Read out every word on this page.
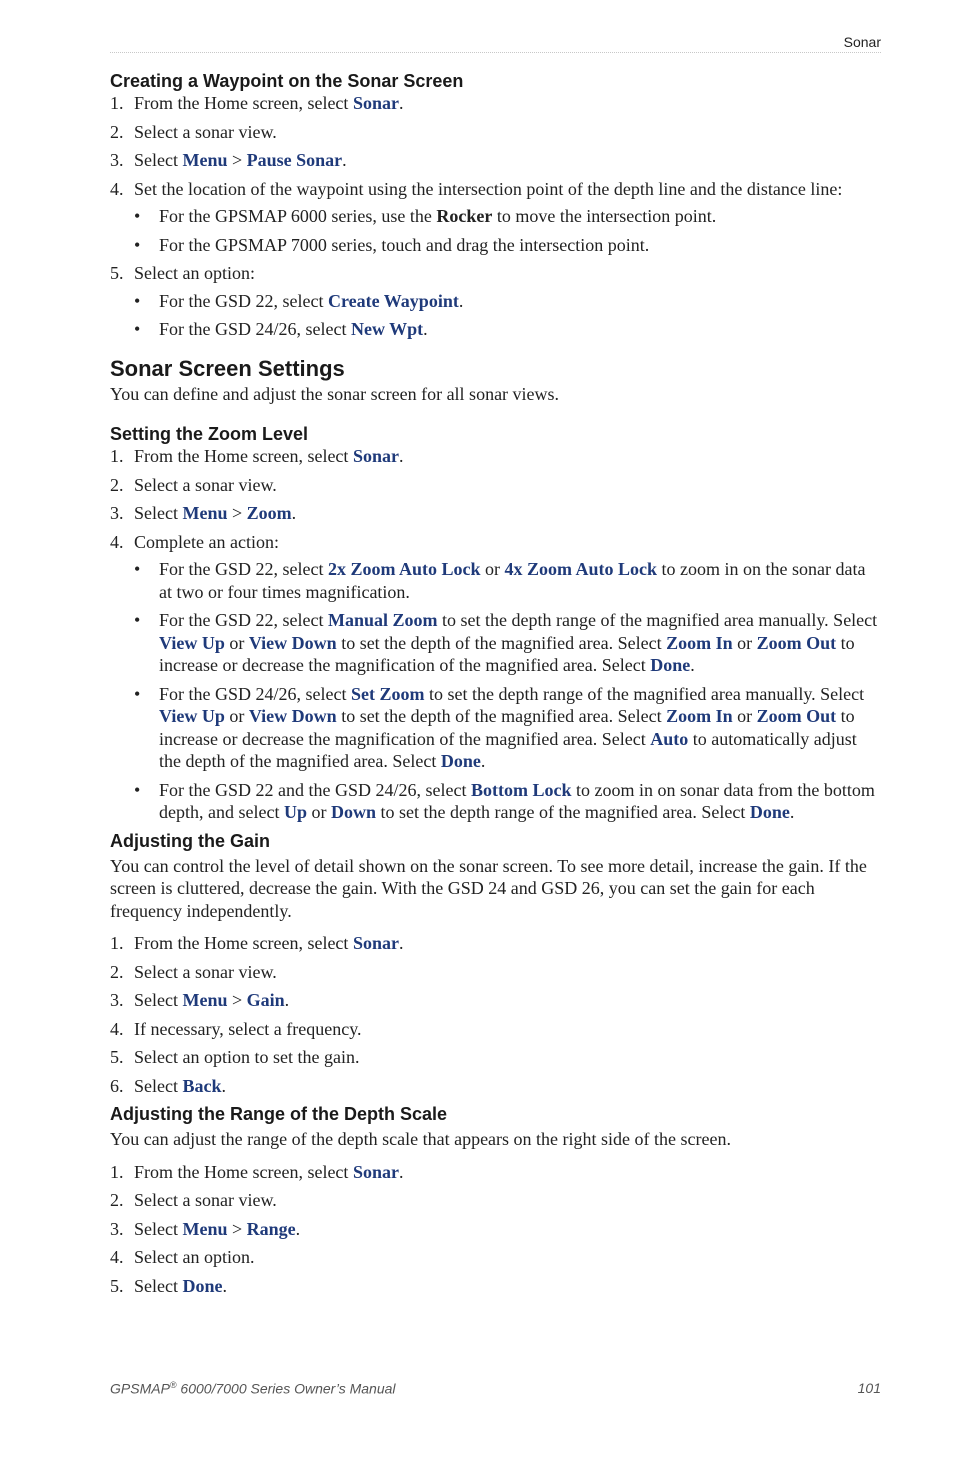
Sonar
Creating a Waypoint on the Sonar Screen
1. From the Home screen, select Sonar.
2. Select a sonar view.
3. Select Menu > Pause Sonar.
4. Set the location of the waypoint using the intersection point of the depth line and the distance line:
• For the GPSMAP 6000 series, use the Rocker to move the intersection point.
• For the GPSMAP 7000 series, touch and drag the intersection point.
5. Select an option:
• For the GSD 22, select Create Waypoint.
• For the GSD 24/26, select New Wpt.
Sonar Screen Settings

You can define and adjust the sonar screen for all sonar views.

Setting the Zoom Level
1. From the Home screen, select Sonar.
2. Select a sonar view.
3. Select Menu > Zoom.
4. Complete an action:
• For the GSD 22, select 2x Zoom Auto Lock or 4x Zoom Auto Lock to zoom in on the sonar data at two or four times magnification.
• For the GSD 22, select Manual Zoom to set the depth range of the magnified area manually. Select View Up or View Down to set the depth of the magnified area. Select Zoom In or Zoom Out to increase or decrease the magnification of the magnified area. Select Done.
• For the GSD 24/26, select Set Zoom to set the depth range of the magnified area manually. Select View Up or View Down to set the depth of the magnified area. Select Zoom In or Zoom Out to increase or decrease the magnification of the magnified area. Select Auto to automatically adjust the depth of the magnified area. Select Done.
• For the GSD 22 and the GSD 24/26, select Bottom Lock to zoom in on sonar data from the bottom depth, and select Up or Down to set the depth range of the magnified area. Select Done.
Adjusting the Gain

You can control the level of detail shown on the sonar screen. To see more detail, increase the gain. If the screen is cluttered, decrease the gain. With the GSD 24 and GSD 26, you can set the gain for each frequency independently.

1. From the Home screen, select Sonar.
2. Select a sonar view.
3. Select Menu > Gain.
4. If necessary, select a frequency.
5. Select an option to set the gain.
6. Select Back.
Adjusting the Range of the Depth Scale

You can adjust the range of the depth scale that appears on the right side of the screen.

1. From the Home screen, select Sonar.
2. Select a sonar view.
3. Select Menu > Range.
4. Select an option.
5. Select Done.
GPSMAP® 6000/7000 Series Owner’s Manual	101
